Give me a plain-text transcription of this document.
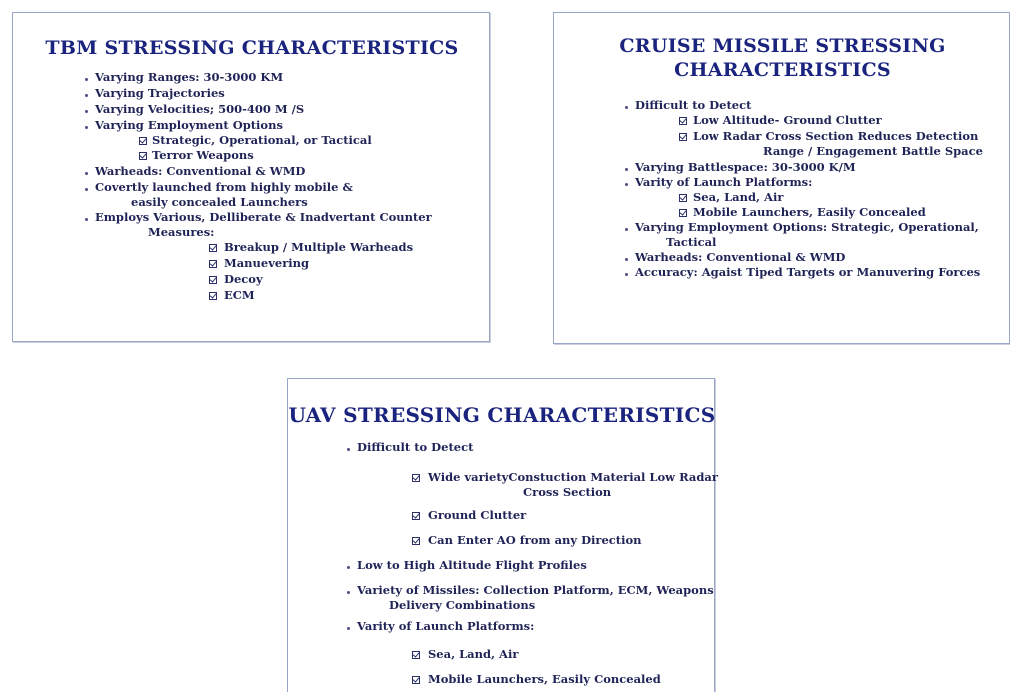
TBM STRESSING CHARACTERISTICS
Varying Ranges: 30-3000 KM
Varying Trajectories
Varying Velocities; 500-400 M /S
Varying Employment Options
Strategic, Operational, or Tactical
Terror Weapons
Warheads: Conventional & WMD
Covertly launched from highly mobile &
easily concealed Launchers
Employs Various, Delliberate & Inadvertant Counter
Measures:
Breakup / Multiple Warheads
Manuevering
Decoy
ECM
CRUISE MISSILE STRESSING
CHARACTERISTICS
Difficult to Detect
Low Altitude- Ground Clutter
Low Radar Cross Section Reduces Detection
Range / Engagement Battle Space
Varying Battlespace: 30-3000 K/M
Varity of Launch Platforms:
Sea, Land, Air
Mobile Launchers, Easily Concealed
Varying Employment Options: Strategic, Operational,
Tactical
Warheads: Conventional & WMD
Accuracy: Agaist Tiped Targets or Manuvering Forces
UAV STRESSING CHARACTERISTICS
Difficult to Detect
Wide varietyConstuction Material Low Radar
Cross Section
Ground Clutter
Can Enter AO from any Direction
Low to High Altitude Flight Profiles
Variety of Missiles: Collection Platform, ECM, Weapons
Delivery Combinations
Varity of Launch Platforms:
Sea, Land, Air
Mobile Launchers, Easily Concealed
